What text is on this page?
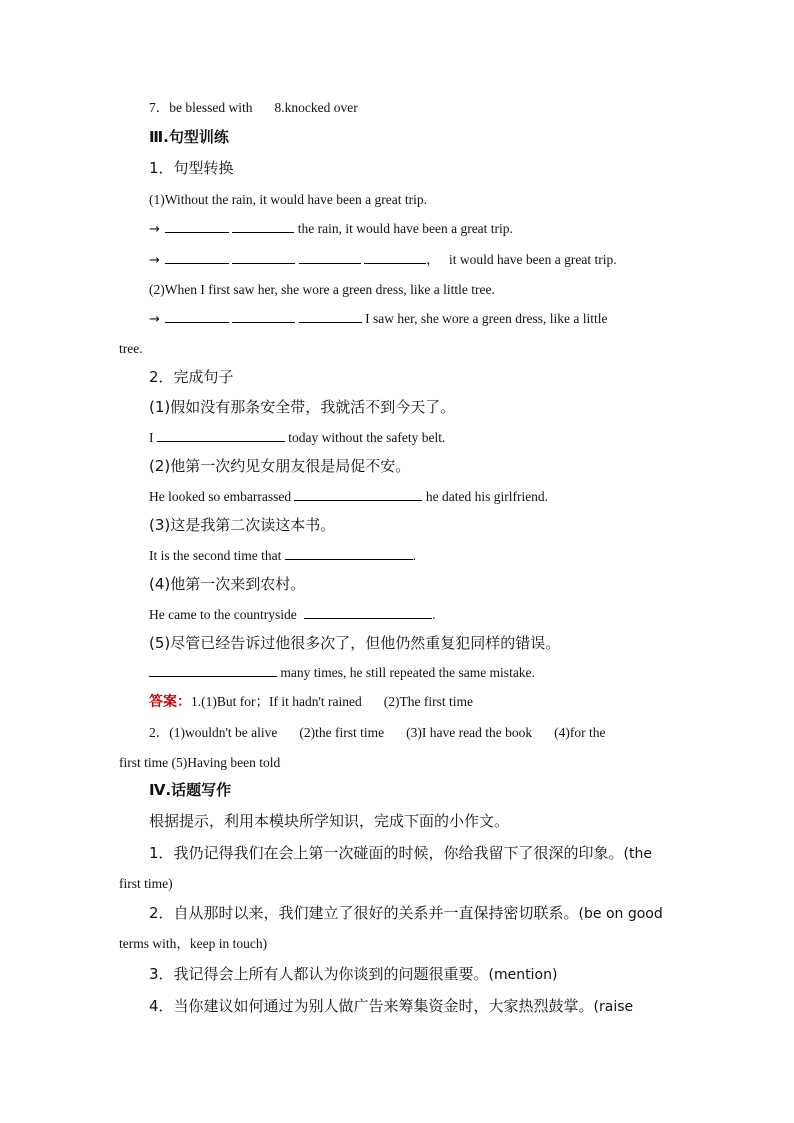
7．be blessed with 8.knocked over
Ⅲ.句型训练
1．句型转换
(1)Without the rain, it would have been a great trip.
→	the rain, it would have been a great trip.
→	， it would have been a great trip.
(2)When I first saw her, she wore a green dress, like a little tree.
→	I saw her, she wore a green dress, like a little
tree.
2．完成句子
(1)假如没有那条安全带，我就活不到今天了。
I	today without the safety belt.
(2)他第一次约见女朋友很是局促不安。
He looked so embarrassed	he dated his girlfriend.
(3)这是我第二次读这本书。
It is the second time that	.
(4)他第一次来到农村。
He came to the countryside	.
(5)尽管已经告诉过他很多次了，但他仍然重复犯同样的错误。
many times, he still repeated the same mistake.
答案：1.(1)But for；If it hadn't rained (2)The first time
2．(1)wouldn't be alive (2)the first time (3)I have read the book (4)for the
first time (5)Having been told
Ⅳ.话题写作
根据提示，利用本模块所学知识，完成下面的小作文。
1．我仍记得我们在会上第一次碰面的时候，你给我留下了很深的印象。(the
first time)
2．自从那时以来，我们建立了很好的关系并一直保持密切联系。(be on good
terms with，keep in touch)
3．我记得会上所有人都认为你谈到的问题很重要。(mention)
4．当你建议如何通过为别人做广告来筹集资金时，大家热烈鼓掌。(raise
